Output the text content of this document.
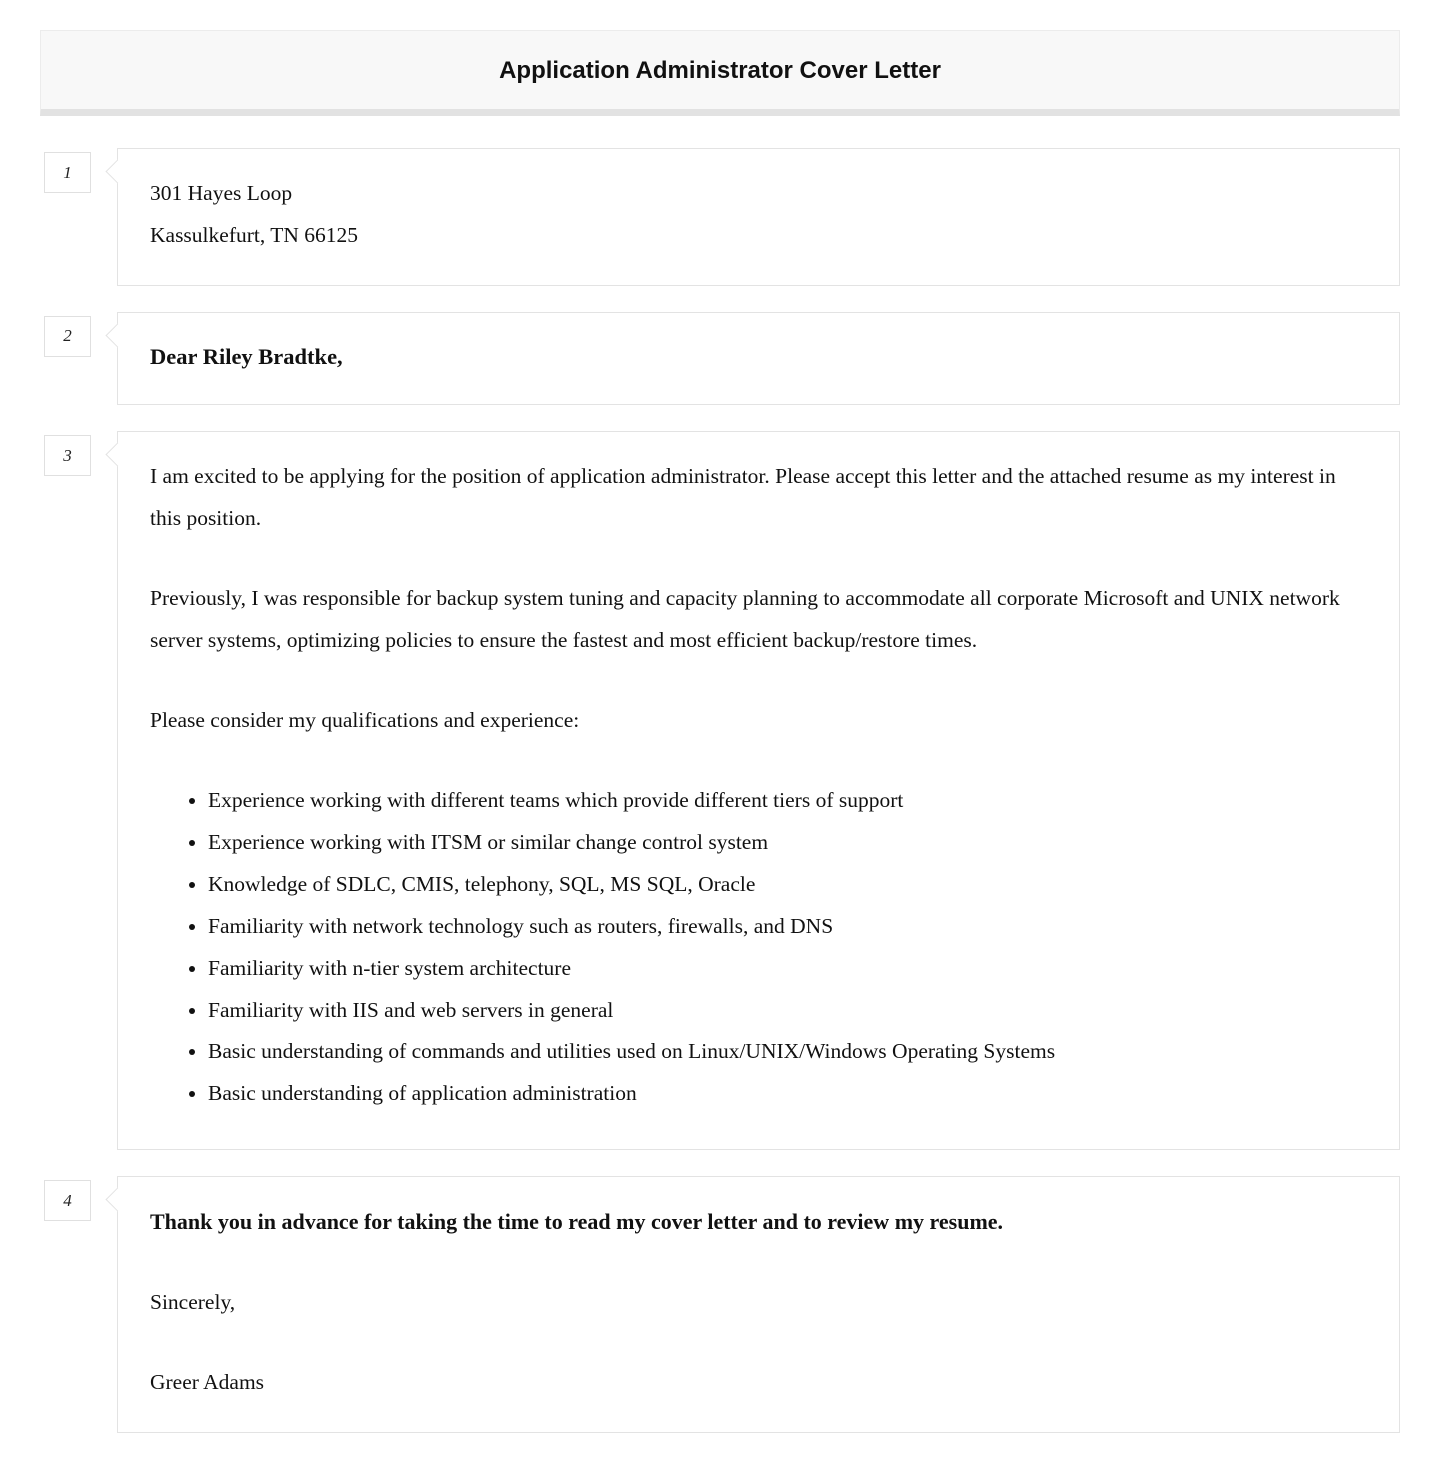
Application Administrator Cover Letter
1
301 Hayes Loop
Kassulkefurt, TN 66125
2
Dear Riley Bradtke,
3
I am excited to be applying for the position of application administrator. Please accept this letter and the attached resume as my interest in this position.
Previously, I was responsible for backup system tuning and capacity planning to accommodate all corporate Microsoft and UNIX network server systems, optimizing policies to ensure the fastest and most efficient backup/restore times.
Please consider my qualifications and experience:
• Experience working with different teams which provide different tiers of support
• Experience working with ITSM or similar change control system
• Knowledge of SDLC, CMIS, telephony, SQL, MS SQL, Oracle
• Familiarity with network technology such as routers, firewalls, and DNS
• Familiarity with n-tier system architecture
• Familiarity with IIS and web servers in general
• Basic understanding of commands and utilities used on Linux/UNIX/Windows Operating Systems
• Basic understanding of application administration
4
Thank you in advance for taking the time to read my cover letter and to review my resume.
Sincerely,
Greer Adams
